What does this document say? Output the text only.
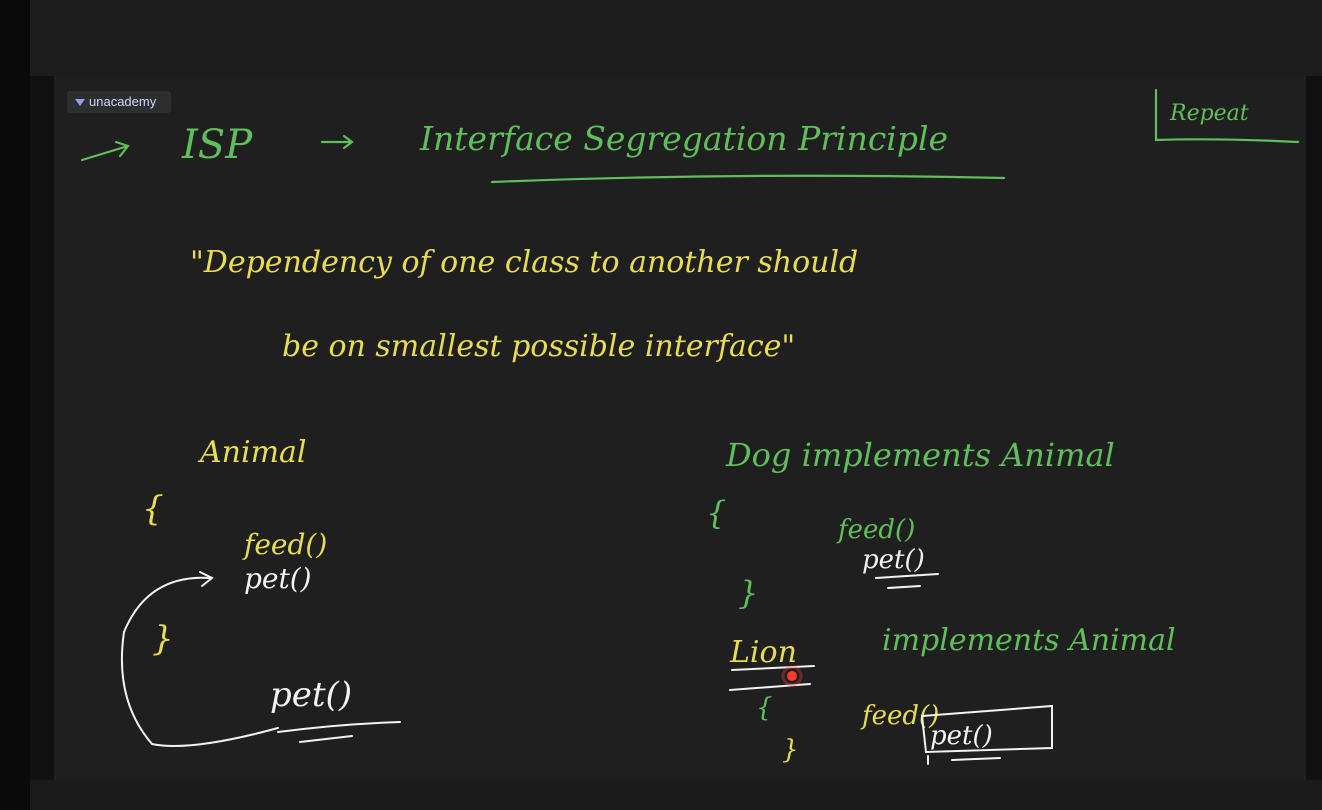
unacademy
ISP	Interface Segregation Principle
Repeat
"Dependency of one class to another should
be on smallest possible interface"
Animal
{
feed()
pet()
}
pet()
Dog implements Animal
{	feed()
pet()
}
Lion	implements Animal
{	feed()
pet()
}
